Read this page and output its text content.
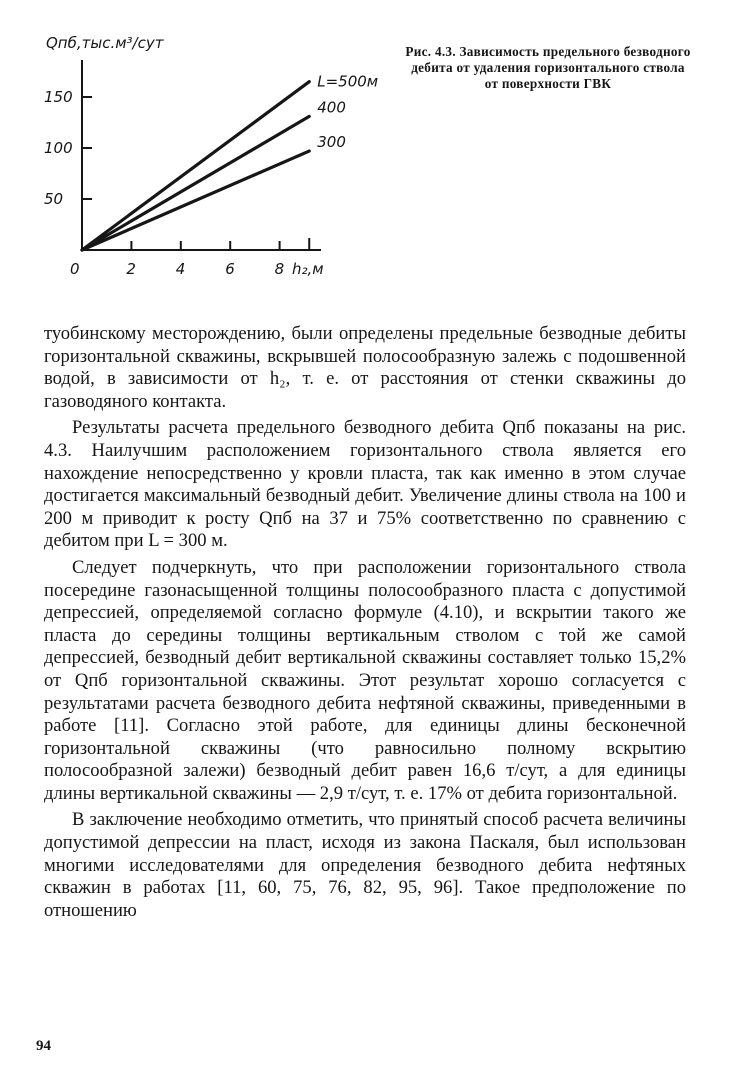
Qпб,тыс.м³/сут
h₂,м
0	2	4	6	8
150
100
50
L=500м
400
300
Рис. 4.3. Зависимость предельного безводного дебита от удаления горизонтального ствола от поверхности ГВК

туобинскому месторождению, были определены предельные безводные дебиты горизонтальной скважины, вскрывшей полосообразную залежь с подошвенной водой, в зависимости от h₂, т. е. от расстояния от стенки скважины до газоводяного контакта.

Результаты расчета предельного безводного дебита Qпб показаны на рис. 4.3. Наилучшим расположением горизонтального ствола является его нахождение непосредственно у кровли пласта, так как именно в этом случае достигается максимальный безводный дебит. Увеличение длины ствола на 100 и 200 м приводит к росту Qпб на 37 и 75% соответственно по сравнению с дебитом при L = 300 м.

Следует подчеркнуть, что при расположении горизонтального ствола посередине газонасыщенной толщины полосообразного пласта с допустимой депрессией, определяемой согласно формуле (4.10), и вскрытии такого же пласта до середины толщины вертикальным стволом с той же самой депрессией, безводный дебит вертикальной скважины составляет только 15,2% от Qпб горизонтальной скважины. Этот результат хорошо согласуется с результатами расчета безводного дебита нефтяной скважины, приведенными в работе [11]. Согласно этой работе, для единицы длины бесконечной горизонтальной скважины (что равносильно полному вскрытию полосообразной залежи) безводный дебит равен 16,6 т/сут, а для единицы длины вертикальной скважины — 2,9 т/сут, т. е. 17% от дебита горизонтальной.

В заключение необходимо отметить, что принятый способ расчета величины допустимой депрессии на пласт, исходя из закона Паскаля, был использован многими исследователями для определения безводного дебита нефтяных скважин в работах [11, 60, 75, 76, 82, 95, 96]. Такое предположение по отношению

94
